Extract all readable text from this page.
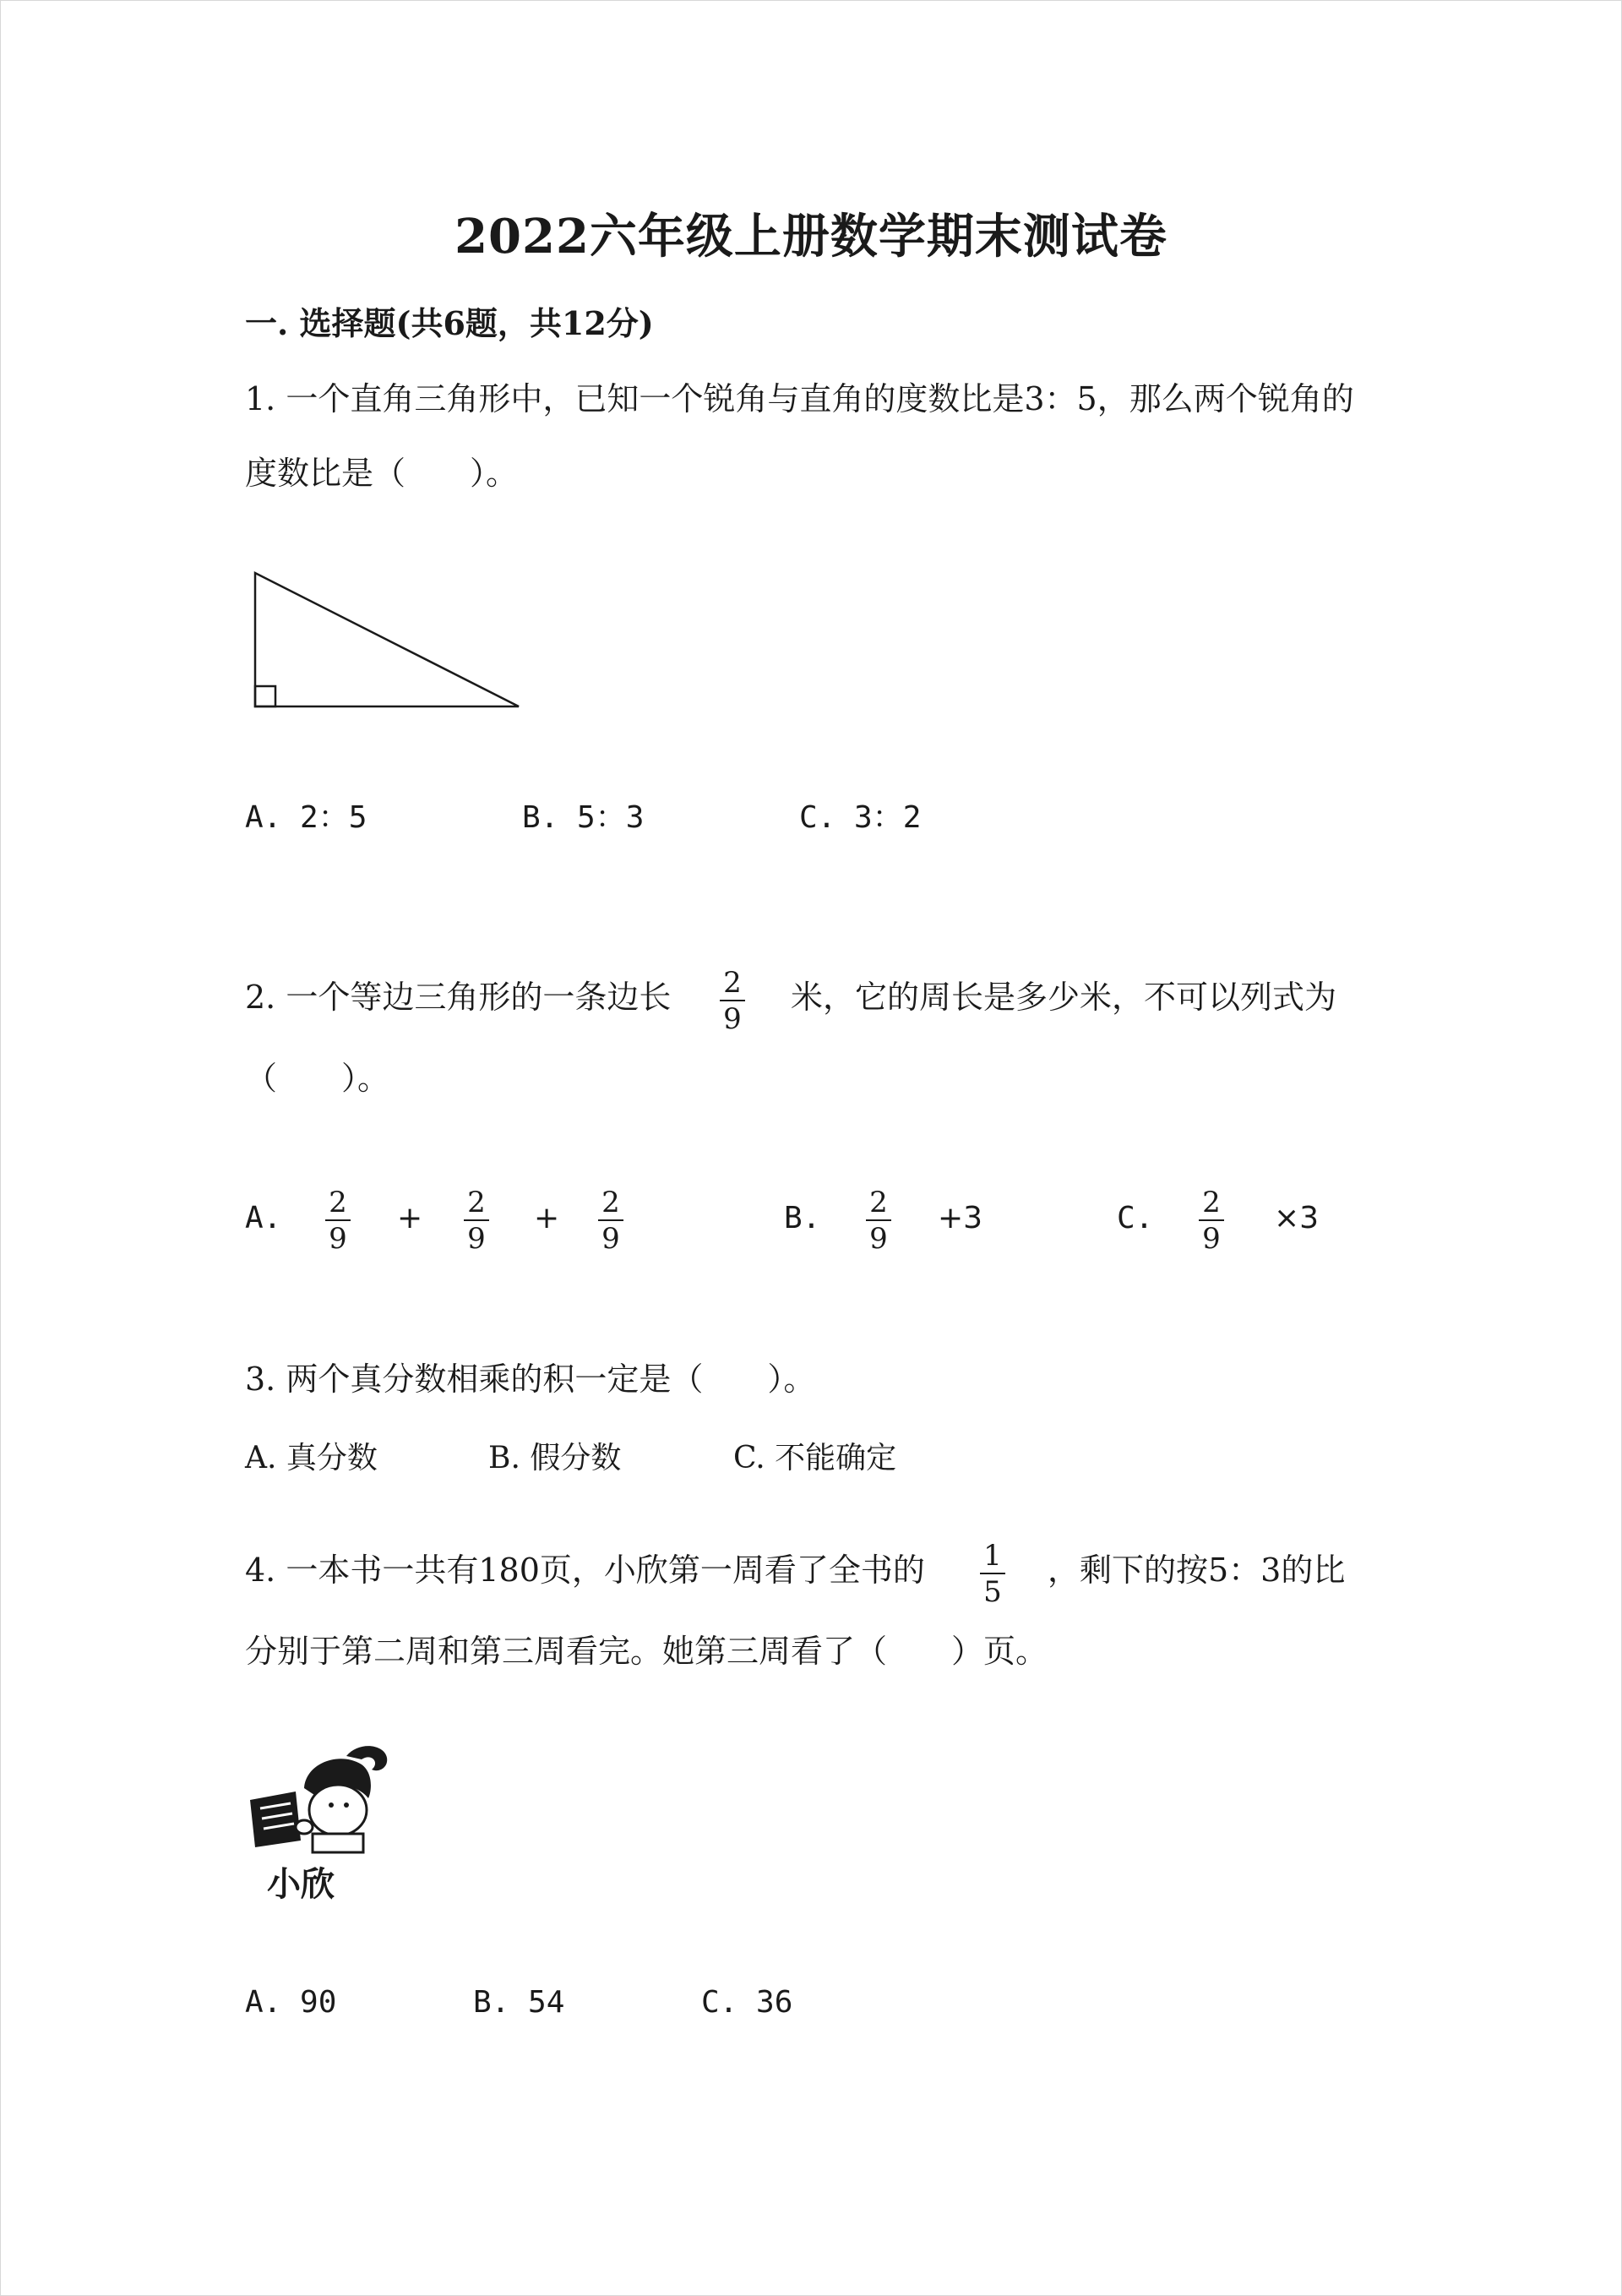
2022六年级上册数学期末测试卷
一. 选择题(共6题，共12分)
1. 一个直角三角形中，已知一个锐角与直角的度数比是3：5，那么两个锐角的
度数比是（　　）。
A. 2：5	B. 5：3	C. 3：2
2. 一个等边三角形的一条边长 2
9
米，它的周长是多少米，不可以列式为
（　　）。
A. 2
9
+ 2
9
+ 2
9
B. 2
9
+3	C. 2
9
×3
3. 两个真分数相乘的积一定是（　　）。
A. 真分数	B. 假分数	C. 不能确定
4. 一本书一共有180页，小欣第一周看了全书的 1
5
，剩下的按5：3的比
分别于第二周和第三周看完。她第三周看了（　　）页。
小欣
A. 90	B. 54	C. 36
